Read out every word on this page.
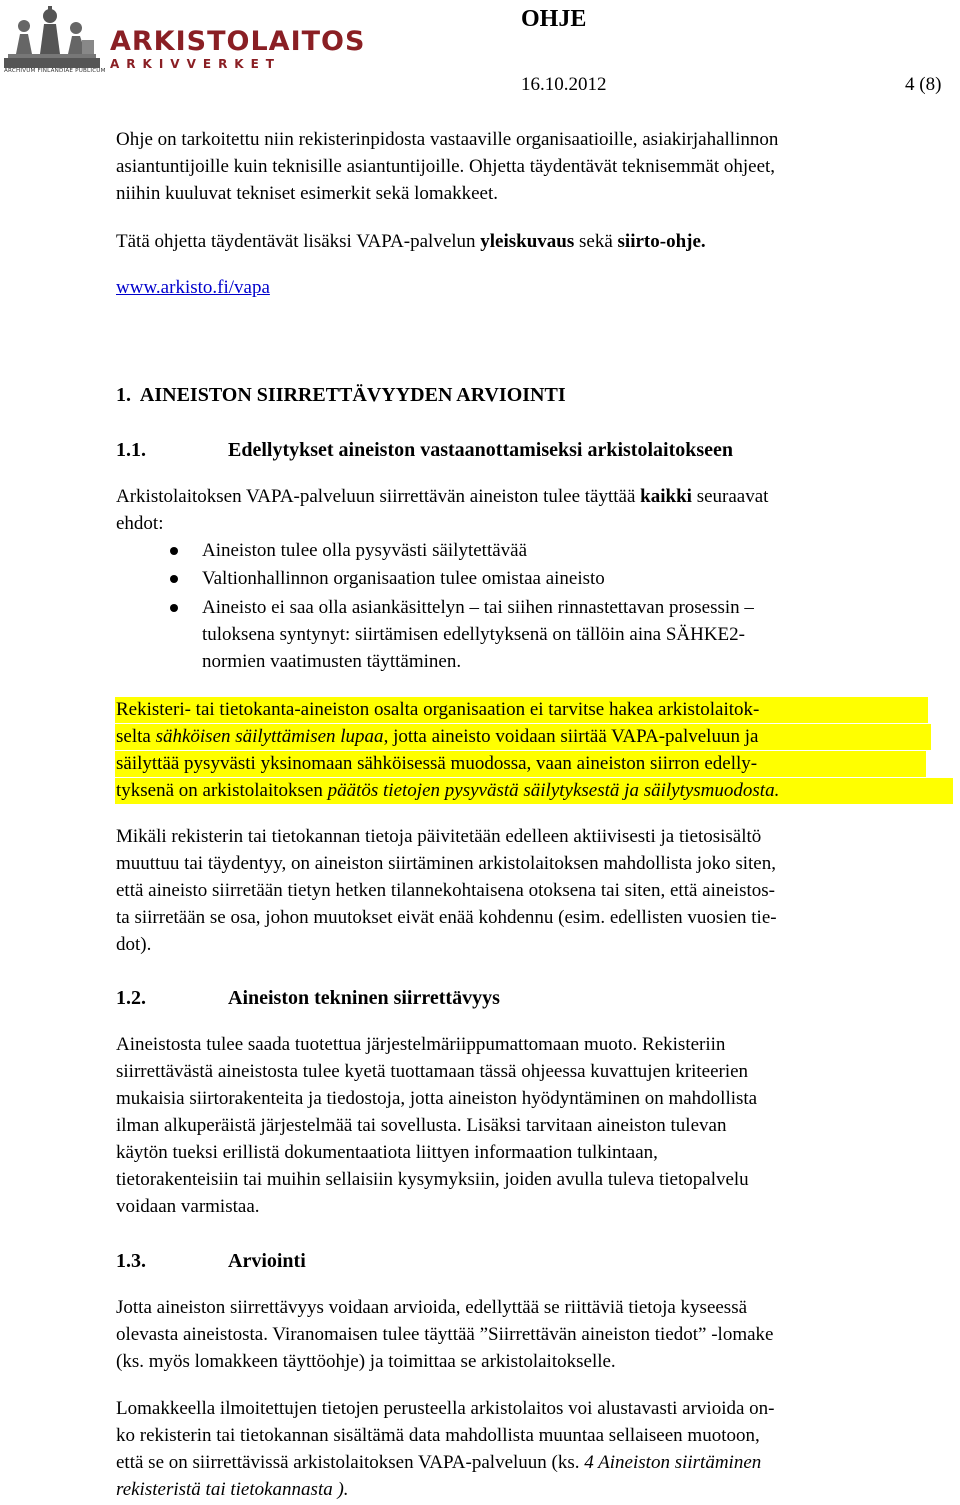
ARKISTOLAITOS
ARKIVVERKET
ARCHIVUM FINLANDIAE PUBLICUM
OHJE
16.10.2012	4 (8)
Ohje on tarkoitettu niin rekisterinpidosta vastaaville organisaatioille, asiakirjahallinnon
asiantuntijoille kuin teknisille asiantuntijoille. Ohjetta täydentävät teknisemmät ohjeet,
niihin kuuluvat tekniset esimerkit sekä lomakkeet.
Tätä ohjetta täydentävät lisäksi VAPA-palvelun yleiskuvaus sekä siirto-ohje.
www.arkisto.fi/vapa
1. AINEISTON SIIRRETTÄVYYDEN ARVIOINTI
1.1.	Edellytykset aineiston vastaanottamiseksi arkistolaitokseen
Arkistolaitoksen VAPA-palveluun siirrettävän aineiston tulee täyttää kaikki seuraavat
ehdot:
Aineiston tulee olla pysyvästi säilytettävää
Valtionhallinnon organisaation tulee omistaa aineisto
Aineisto ei saa olla asiankäsittelyn – tai siihen rinnastettavan prosessin –
tuloksena syntynyt: siirtämisen edellytyksenä on tällöin aina SÄHKE2-
normien vaatimusten täyttäminen.
Rekisteri- tai tietokanta-aineiston osalta organisaation ei tarvitse hakea arkistolaitok-
selta sähköisen säilyttämisen lupaa, jotta aineisto voidaan siirtää VAPA-palveluun ja
säilyttää pysyvästi yksinomaan sähköisessä muodossa, vaan aineiston siirron edelly-
tyksenä on arkistolaitoksen päätös tietojen pysyvästä säilytyksestä ja säilytysmuodosta.
Mikäli rekisterin tai tietokannan tietoja päivitetään edelleen aktiivisesti ja tietosisältö
muuttuu tai täydentyy, on aineiston siirtäminen arkistolaitoksen mahdollista joko siten,
että aineisto siirretään tietyn hetken tilannekohtaisena otoksena tai siten, että aineistos-
ta siirretään se osa, johon muutokset eivät enää kohdennu (esim. edellisten vuosien tie-
dot).
1.2.	Aineiston tekninen siirrettävyys
Aineistosta tulee saada tuotettua järjestelmäriippumattomaan muoto. Rekisteriin
siirrettävästä aineistosta tulee kyetä tuottamaan tässä ohjeessa kuvattujen kriteerien
mukaisia siirtorakenteita ja tiedostoja, jotta aineiston hyödyntäminen on mahdollista
ilman alkuperäistä järjestelmää tai sovellusta. Lisäksi tarvitaan aineiston tulevan
käytön tueksi erillistä dokumentaatiota liittyen informaation tulkintaan,
tietorakenteisiin tai muihin sellaisiin kysymyksiin, joiden avulla tuleva tietopalvelu
voidaan varmistaa.
1.3.	Arviointi
Jotta aineiston siirrettävyys voidaan arvioida, edellyttää se riittäviä tietoja kyseessä
olevasta aineistosta. Viranomaisen tulee täyttää ”Siirrettävän aineiston tiedot” -lomake
(ks. myös lomakkeen täyttöohje) ja toimittaa se arkistolaitokselle.
Lomakkeella ilmoitettujen tietojen perusteella arkistolaitos voi alustavasti arvioida on-
ko rekisterin tai tietokannan sisältämä data mahdollista muuntaa sellaiseen muotoon,
että se on siirrettävissä arkistolaitoksen VAPA-palveluun (ks. 4 Aineiston siirtäminen
rekisteristä tai tietokannasta ).
